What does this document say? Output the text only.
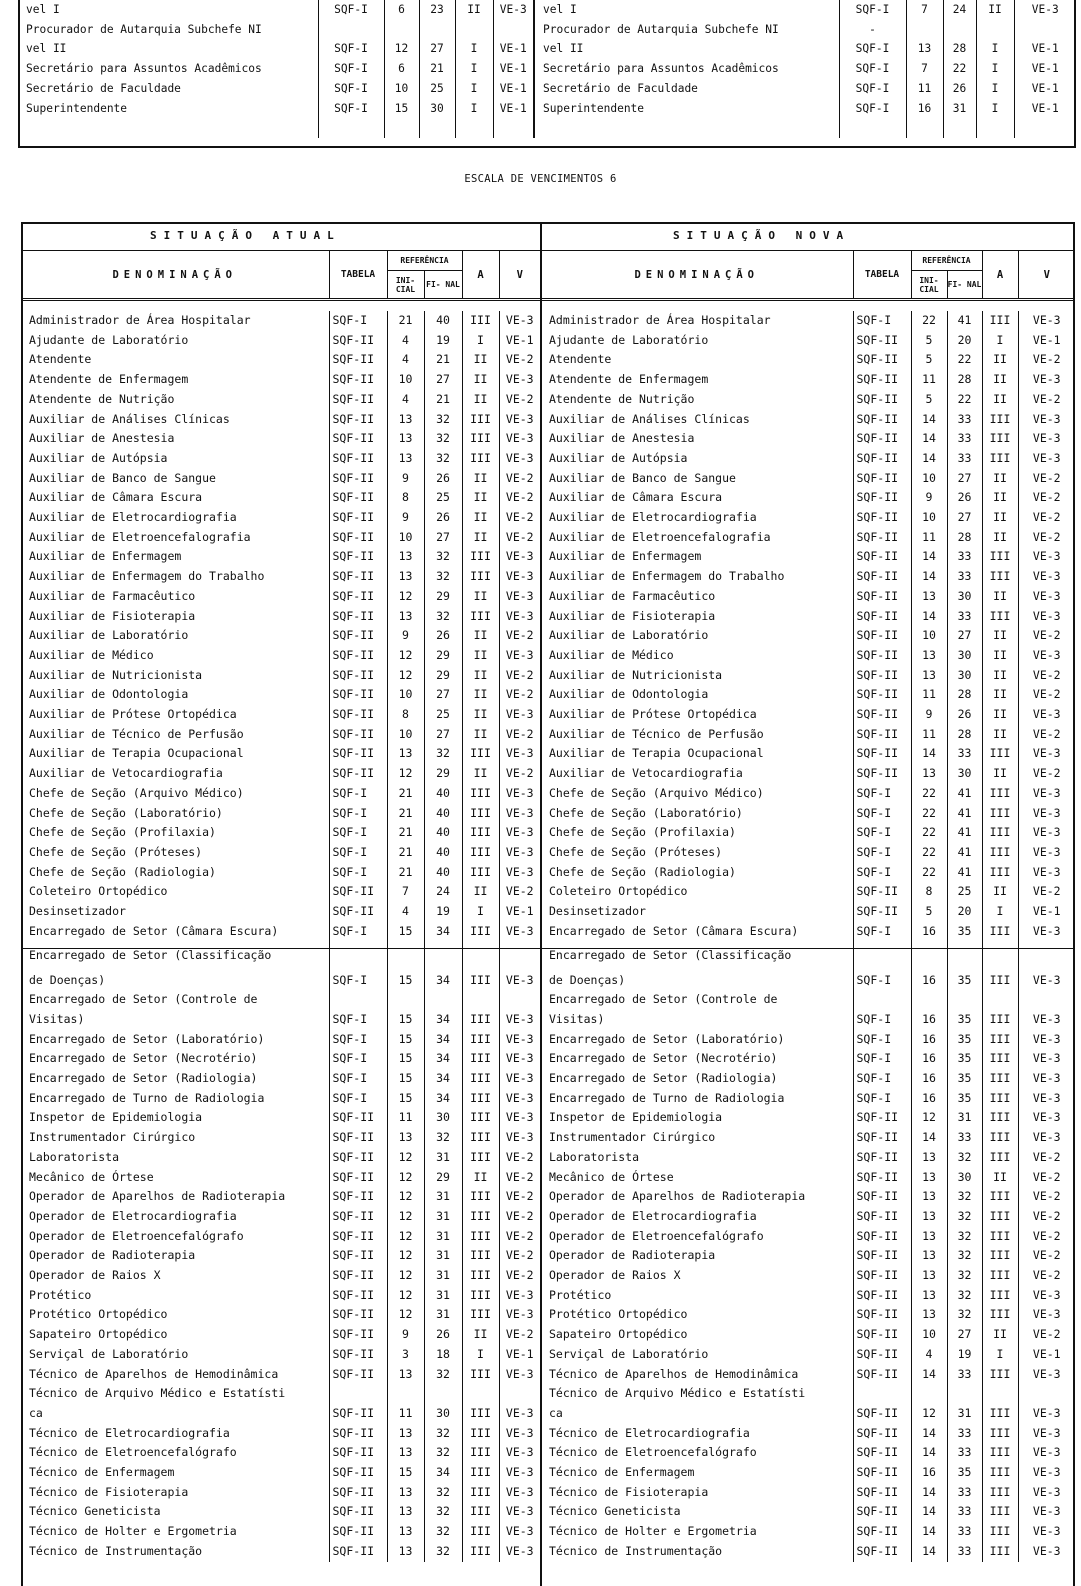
vel I	SQF-I	6	23	II	VE-3	vel I	SQF-I	7	24	II	VE-3
Procurador de Autarquia Subchefe NI						Procurador de Autarquia Subchefe NI	-				
vel II	SQF-I	12	27	I	VE-1	vel II	SQF-I	13	28	I	VE-1
Secretário para Assuntos Acadêmicos	SQF-I	6	21	I	VE-1	Secretário para Assuntos Acadêmicos	SQF-I	7	22	I	VE-1
Secretário de Faculdade	SQF-I	10	25	I	VE-1	Secretário de Faculdade	SQF-I	11	26	I	VE-1
Superintendente	SQF-I	15	30	I	VE-1	Superintendente	SQF-I	16	31	I	VE-1

ESCALA DE VENCIMENTOS 6
SITUAÇÃO ATUAL	SITUAÇÃO NOVA
DENOMINAÇÃO	TABELA	REFERÊNCIA		A	V
		INI- CIAL	FI- NAL		
DENOMINAÇÃO	TABELA	REFERÊNCIA		A	V
		INI- CIAL	FI- NAL		
Administrador de Área Hospitalar	SQF-I	21	40	III	VE-3
Ajudante de Laboratório	SQF-II	4	19	I	VE-1
Atendente	SQF-II	4	21	II	VE-2
Atendente de Enfermagem	SQF-II	10	27	II	VE-3
Atendente de Nutrição	SQF-II	4	21	II	VE-2
Auxiliar de Análises Clínicas	SQF-II	13	32	III	VE-3
Auxiliar de Anestesia	SQF-II	13	32	III	VE-3
Auxiliar de Autópsia	SQF-II	13	32	III	VE-3
Auxiliar de Banco de Sangue	SQF-II	9	26	II	VE-2
Auxiliar de Câmara Escura	SQF-II	8	25	II	VE-2
Auxiliar de Eletrocardiografia	SQF-II	9	26	II	VE-2
Auxiliar de Eletroencefalografia	SQF-II	10	27	II	VE-2
Auxiliar de Enfermagem	SQF-II	13	32	III	VE-3
Auxiliar de Enfermagem do Trabalho	SQF-II	13	32	III	VE-3
Auxiliar de Farmacêutico	SQF-II	12	29	II	VE-3
Auxiliar de Fisioterapia	SQF-II	13	32	III	VE-3
Auxiliar de Laboratório	SQF-II	9	26	II	VE-2
Auxiliar de Médico	SQF-II	12	29	II	VE-3
Auxiliar de Nutricionista	SQF-II	12	29	II	VE-2
Auxiliar de Odontologia	SQF-II	10	27	II	VE-2
Auxiliar de Prótese Ortopédica	SQF-II	8	25	II	VE-3
Auxiliar de Técnico de Perfusão	SQF-II	10	27	II	VE-2
Auxiliar de Terapia Ocupacional	SQF-II	13	32	III	VE-3
Auxiliar de Vetocardiografia	SQF-II	12	29	II	VE-2
Chefe de Seção (Arquivo Médico)	SQF-I	21	40	III	VE-3
Chefe de Seção (Laboratório)	SQF-I	21	40	III	VE-3
Chefe de Seção (Profilaxia)	SQF-I	21	40	III	VE-3
Chefe de Seção (Próteses)	SQF-I	21	40	III	VE-3
Chefe de Seção (Radiologia)	SQF-I	21	40	III	VE-3
Coleteiro Ortopédico	SQF-II	7	24	II	VE-2
Desinsetizador	SQF-II	4	19	I	VE-1
Encarregado de Setor (Câmara Escura)	SQF-I	15	34	III	VE-3
Encarregado de Setor (Classificação					
de Doenças)	SQF-I	15	34	III	VE-3
Encarregado de Setor (Controle de					
Visitas)	SQF-I	15	34	III	VE-3
Encarregado de Setor (Laboratório)	SQF-I	15	34	III	VE-3
Encarregado de Setor (Necrotério)	SQF-I	15	34	III	VE-3
Encarregado de Setor (Radiologia)	SQF-I	15	34	III	VE-3
Encarregado de Turno de Radiologia	SQF-I	15	34	III	VE-3
Inspetor de Epidemiologia	SQF-II	11	30	III	VE-3
Instrumentador Cirúrgico	SQF-II	13	32	III	VE-3
Laboratorista	SQF-II	12	31	III	VE-2
Mecânico de Órtese	SQF-II	12	29	II	VE-2
Operador de Aparelhos de Radioterapia	SQF-II	12	31	III	VE-2
Operador de Eletrocardiografia	SQF-II	12	31	III	VE-2
Operador de Eletroencefalógrafo	SQF-II	12	31	III	VE-2
Operador de Radioterapia	SQF-II	12	31	III	VE-2
Operador de Raios X	SQF-II	12	31	III	VE-2
Protético	SQF-II	12	31	III	VE-3
Protético Ortopédico	SQF-II	12	31	III	VE-3
Sapateiro Ortopédico	SQF-II	9	26	II	VE-2
Serviçal de Laboratório	SQF-II	3	18	I	VE-1
Técnico de Aparelhos de Hemodinâmica	SQF-II	13	32	III	VE-3
Técnico de Arquivo Médico e Estatísti					
ca	SQF-II	11	30	III	VE-3
Técnico de Eletrocardiografia	SQF-II	13	32	III	VE-3
Técnico de Eletroencefalógrafo	SQF-II	13	32	III	VE-3
Técnico de Enfermagem	SQF-II	15	34	III	VE-3
Técnico de Fisioterapia	SQF-II	13	32	III	VE-3
Técnico Geneticista	SQF-II	13	32	III	VE-3
Técnico de Holter e Ergometria	SQF-II	13	32	III	VE-3
Técnico de Instrumentação	SQF-II	13	32	III	VE-3
Administrador de Área Hospitalar	SQF-I	22	41	III	VE-3
Ajudante de Laboratório	SQF-II	5	20	I	VE-1
Atendente	SQF-II	5	22	II	VE-2
Atendente de Enfermagem	SQF-II	11	28	II	VE-3
Atendente de Nutrição	SQF-II	5	22	II	VE-2
Auxiliar de Análises Clínicas	SQF-II	14	33	III	VE-3
Auxiliar de Anestesia	SQF-II	14	33	III	VE-3
Auxiliar de Autópsia	SQF-II	14	33	III	VE-3
Auxiliar de Banco de Sangue	SQF-II	10	27	II	VE-2
Auxiliar de Câmara Escura	SQF-II	9	26	II	VE-2
Auxiliar de Eletrocardiografia	SQF-II	10	27	II	VE-2
Auxiliar de Eletroencefalografia	SQF-II	11	28	II	VE-2
Auxiliar de Enfermagem	SQF-II	14	33	III	VE-3
Auxiliar de Enfermagem do Trabalho	SQF-II	14	33	III	VE-3
Auxiliar de Farmacêutico	SQF-II	13	30	II	VE-3
Auxiliar de Fisioterapia	SQF-II	14	33	III	VE-3
Auxiliar de Laboratório	SQF-II	10	27	II	VE-2
Auxiliar de Médico	SQF-II	13	30	II	VE-3
Auxiliar de Nutricionista	SQF-II	13	30	II	VE-2
Auxiliar de Odontologia	SQF-II	11	28	II	VE-2
Auxiliar de Prótese Ortopédica	SQF-II	9	26	II	VE-3
Auxiliar de Técnico de Perfusão	SQF-II	11	28	II	VE-2
Auxiliar de Terapia Ocupacional	SQF-II	14	33	III	VE-3
Auxiliar de Vetocardiografia	SQF-II	13	30	II	VE-2
Chefe de Seção (Arquivo Médico)	SQF-I	22	41	III	VE-3
Chefe de Seção (Laboratório)	SQF-I	22	41	III	VE-3
Chefe de Seção (Profilaxia)	SQF-I	22	41	III	VE-3
Chefe de Seção (Próteses)	SQF-I	22	41	III	VE-3
Chefe de Seção (Radiologia)	SQF-I	22	41	III	VE-3
Coleteiro Ortopédico	SQF-II	8	25	II	VE-2
Desinsetizador	SQF-II	5	20	I	VE-1
Encarregado de Setor (Câmara Escura)	SQF-I	16	35	III	VE-3
Encarregado de Setor (Classificação					
de Doenças)	SQF-I	16	35	III	VE-3
Encarregado de Setor (Controle de					
Visitas)	SQF-I	16	35	III	VE-3
Encarregado de Setor (Laboratório)	SQF-I	16	35	III	VE-3
Encarregado de Setor (Necrotério)	SQF-I	16	35	III	VE-3
Encarregado de Setor (Radiologia)	SQF-I	16	35	III	VE-3
Encarregado de Turno de Radiologia	SQF-I	16	35	III	VE-3
Inspetor de Epidemiologia	SQF-II	12	31	III	VE-3
Instrumentador Cirúrgico	SQF-II	14	33	III	VE-3
Laboratorista	SQF-II	13	32	III	VE-2
Mecânico de Órtese	SQF-II	13	30	II	VE-2
Operador de Aparelhos de Radioterapia	SQF-II	13	32	III	VE-2
Operador de Eletrocardiografia	SQF-II	13	32	III	VE-2
Operador de Eletroencefalógrafo	SQF-II	13	32	III	VE-2
Operador de Radioterapia	SQF-II	13	32	III	VE-2
Operador de Raios X	SQF-II	13	32	III	VE-2
Protético	SQF-II	13	32	III	VE-3
Protético Ortopédico	SQF-II	13	32	III	VE-3
Sapateiro Ortopédico	SQF-II	10	27	II	VE-2
Serviçal de Laboratório	SQF-II	4	19	I	VE-1
Técnico de Aparelhos de Hemodinâmica	SQF-II	14	33	III	VE-3
Técnico de Arquivo Médico e Estatísti					
ca	SQF-II	12	31	III	VE-3
Técnico de Eletrocardiografia	SQF-II	14	33	III	VE-3
Técnico de Eletroencefalógrafo	SQF-II	14	33	III	VE-3
Técnico de Enfermagem	SQF-II	16	35	III	VE-3
Técnico de Fisioterapia	SQF-II	14	33	III	VE-3
Técnico Geneticista	SQF-II	14	33	III	VE-3
Técnico de Holter e Ergometria	SQF-II	14	33	III	VE-3
Técnico de Instrumentação	SQF-II	14	33	III	VE-3
